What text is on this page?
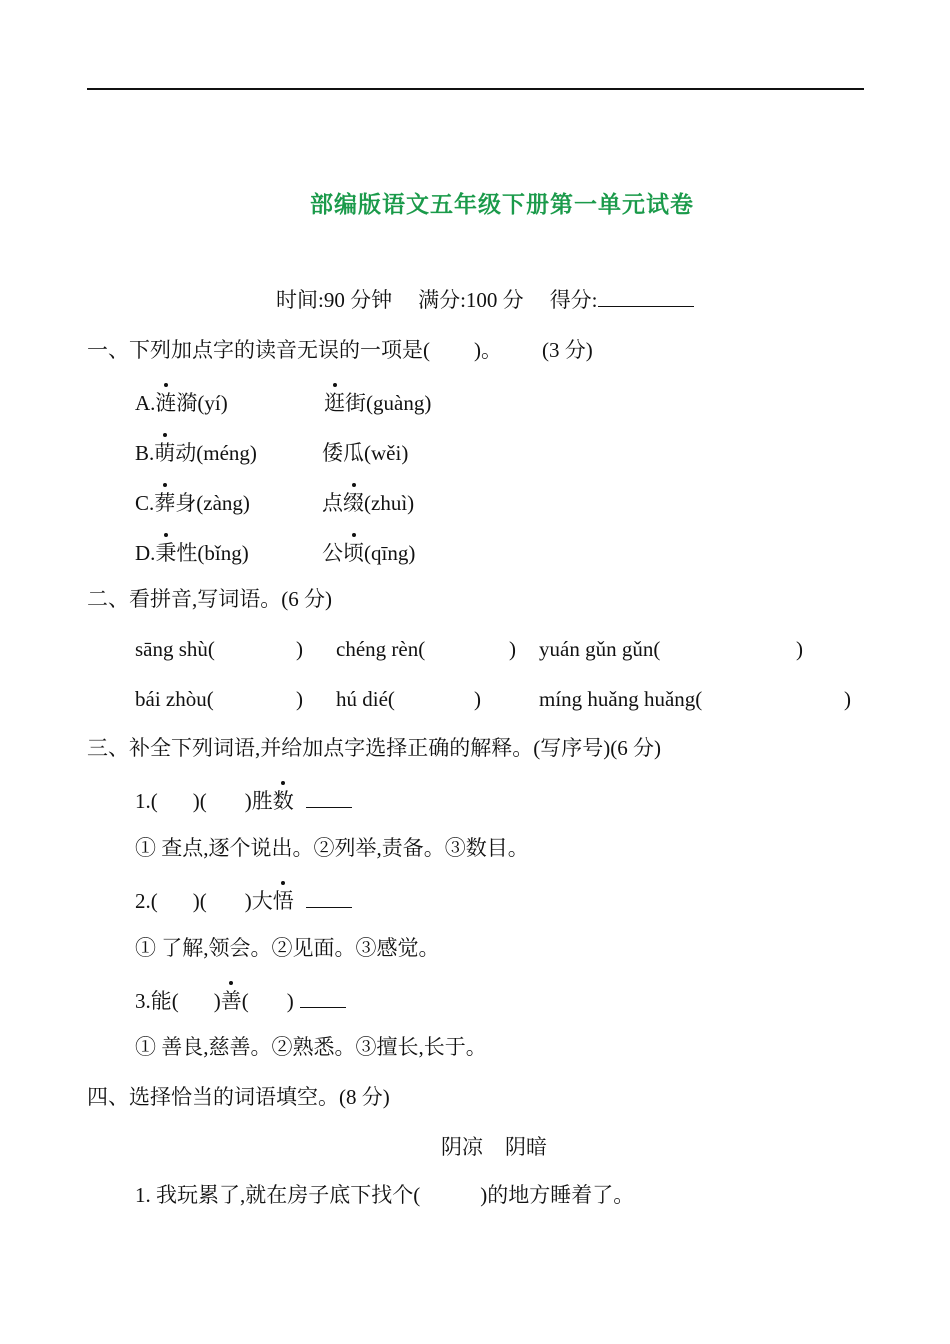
部编版语文五年级下册第一单元试卷
时间:90 分钟 满分:100 分 得分:
一、下列加点字的读音无误的一项是( )。 (3 分)
A.涟漪(yí)	逛街(guàng)
B.萌动(méng)	倭瓜(wěi)
C.葬身(zàng)	点缀(zhuì)
D.秉性(bǐng)	公顷(qīng)
二、看拼音,写词语。(6 分)
sāng shù(	) chéng rèn(	) yuán gǔn gǔn(	)
bái zhòu(	) hú dié(	)	míng huǎng huǎng(	)
三、补全下列词语,并给加点字选择正确的解释。(写序号)(6 分)
1.( )( )胜数
① 查点,逐个说出。②列举,责备。③数目。
2.( )( )大悟
① 了解,领会。②见面。③感觉。
3.能( )善( )
① 善良,慈善。②熟悉。③擅长,长于。
四、选择恰当的词语填空。(8 分)
阴凉 阴暗
1. 我玩累了,就在房子底下找个(	)的地方睡着了。
